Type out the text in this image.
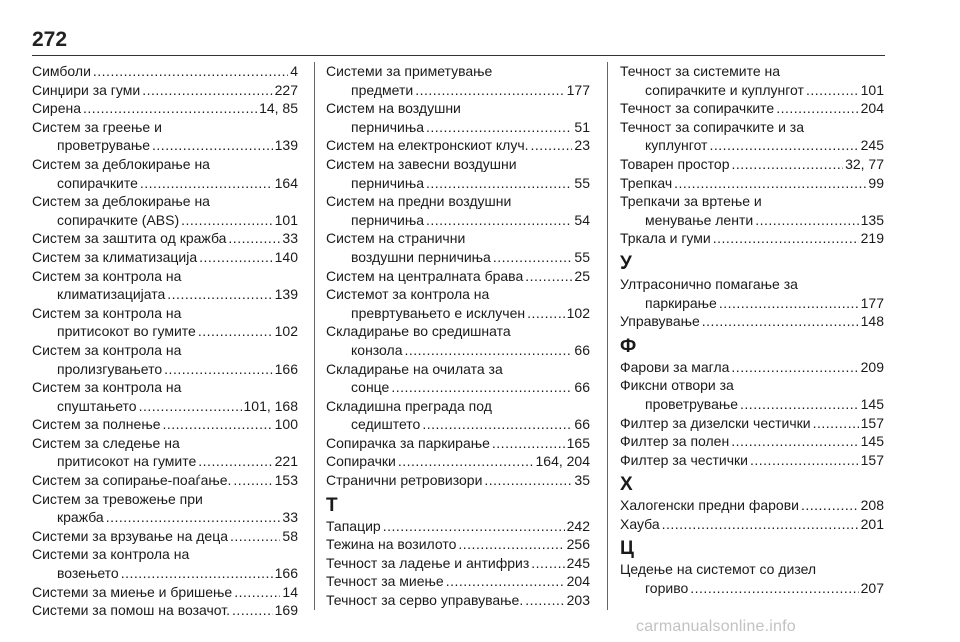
272
Симболи .....	4
Синџири за гуми .....	227
Сирена .....	14, 85
Систем за греење и
проветрување .....	139
Систем за деблокирање на
сопирачките .....	164
Систем за деблокирање на
сопирачките (ABS) .....	101
Систем за заштита од кражба .....	33
Систем за климатизација .....	140
Систем за контрола на
климатизацијата .....	139
Систем за контрола на
притисокот во гумите .....	102
Систем за контрола на
пролизгувањето .....	166
Систем за контрола на
спуштањето .....	101, 168
Систем за полнење .....	100
Систем за следење на
притисокот на гумите .....	221
Систем за сопирање-поаѓање. .....	153
Систем за тревожење при
кражба .....	33
Системи за врзување на деца .....	58
Системи за контрола на
возењето .....	166
Системи за миење и бришење .....	14
Системи за помош на возачот. .....	169
Системи за приметување
предмети .....	177
Систем на воздушни
перничиња .....	51
Систем на електронскиот клуч. .....	23
Систем на завесни воздушни
перничиња .....	55
Систем на предни воздушни
перничиња .....	54
Систем на странични
воздушни перничиња .....	55
Систем на централната брава .....	25
Системот за контрола на
превртувањето е исклучен .....	102
Складирање во средишната
конзола .....	66
Складирање на очилата за
сонце .....	66
Складишна преграда под
седиштето .....	66
Сопирачка за паркирање .....	165
Сопирачки .....	164, 204
Странични ретровизори .....	35
Т
Тапацир .....	242
Тежина на возилото .....	256
Течност за ладење и антифриз .....	245
Течност за миење .....	204
Течност за серво управување. .....	203
Течност за системите на
сопирачките и куплунгот .....	101
Течност за сопирачките .....	204
Течност за сопирачките и за
куплунгот .....	245
Товарен простор .....	32, 77
Трепкач .....	99
Трепкачи за вртење и
менување ленти .....	135
Тркала и гуми .....	219
У
Ултрасонично помагање за
паркирање .....	177
Управување .....	148
Ф
Фарови за магла .....	209
Фиксни отвори за
проветрување .....	145
Филтер за дизелски честички .....	157
Филтер за полен .....	145
Филтер за честички .....	157
Х
Халогенски предни фарови .....	208
Хауба .....	201
Ц
Цедење на системот со дизел
гориво .....	207
carmanualsonline.info
